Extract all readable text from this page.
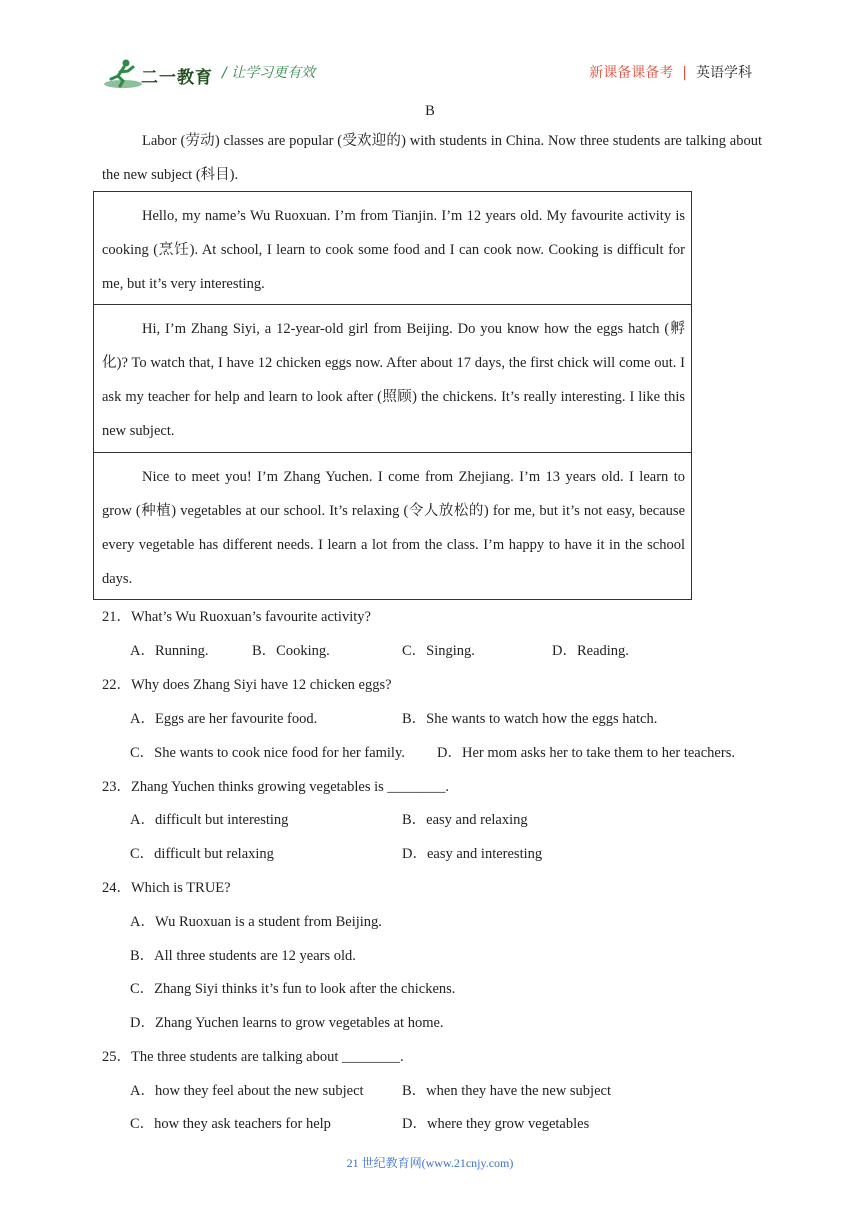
二一教育 / 让学习更有效	新课备课备考 | 英语学科
B
Labor (劳动) classes are popular (受欢迎的) with students in China. Now three students are talking about the new subject (科目).

Hello, my name’s Wu Ruoxuan. I’m from Tianjin. I’m 12 years old. My favourite activity is cooking (烹饪). At school, I learn to cook some food and I can cook now. Cooking is difficult for me, but it’s very interesting.

Hi, I’m Zhang Siyi, a 12-year-old girl from Beijing. Do you know how the eggs hatch (孵化)? To watch that, I have 12 chicken eggs now. After about 17 days, the first chick will come out. I ask my teacher for help and learn to look after (照顾) the chickens. It’s really interesting. I like this new subject.

Nice to meet you! I’m Zhang Yuchen. I come from Zhejiang. I’m 13 years old. I learn to grow (种植) vegetables at our school. It’s relaxing (令人放松的) for me, but it’s not easy, because every vegetable has different needs. I learn a lot from the class. I’m happy to have it in the school days.

21．What’s Wu Ruoxuan’s favourite activity?
A．Running.	B．Cooking.	C．Singing.	D．Reading.
22．Why does Zhang Siyi have 12 chicken eggs?
A．Eggs are her favourite food.	B．She wants to watch how the eggs hatch.
C．She wants to cook nice food for her family. D．Her mom asks her to take them to her teachers.
23．Zhang Yuchen thinks growing vegetables is ________.
A．difficult but interesting	B．easy and relaxing
C．difficult but relaxing	D．easy and interesting
24．Which is TRUE?
A．Wu Ruoxuan is a student from Beijing.
B．All three students are 12 years old.
C．Zhang Siyi thinks it’s fun to look after the chickens.
D．Zhang Yuchen learns to grow vegetables at home.
25．The three students are talking about ________.
A．how they feel about the new subject	B．when they have the new subject
C．how they ask teachers for help	D．where they grow vegetables
21 世纪教育网(www.21cnjy.com)
